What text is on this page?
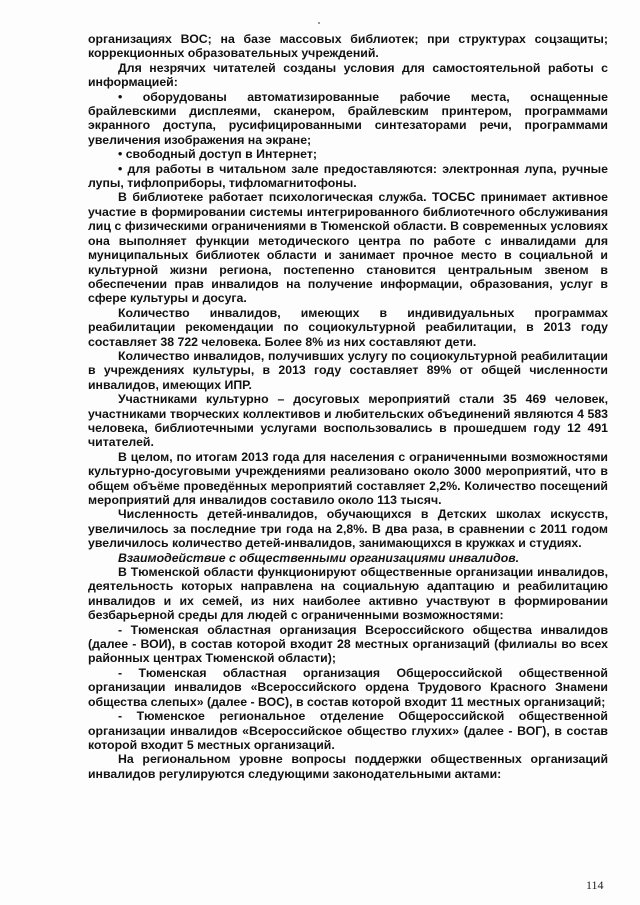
организациях ВОС; на базе массовых библиотек; при структурах соцзащиты; коррекционных образовательных учреждений.

Для незрячих читателей созданы условия для самостоятельной работы с информацией:

• оборудованы автоматизированные рабочие места, оснащенные брайлевскими дисплеями, сканером, брайлевским принтером, программами экранного доступа, русифицированными синтезаторами речи, программами увеличения изображения на экране;

• свободный доступ в Интернет;

• для работы в читальном зале предоставляются: электронная лупа, ручные лупы, тифлоприборы, тифломагнитофоны.

В библиотеке работает психологическая служба. ТОСБС принимает активное участие в формировании системы интегрированного библиотечного обслуживания лиц с физическими ограничениями в Тюменской области. В современных условиях она выполняет функции методического центра по работе с инвалидами для муниципальных библиотек области и занимает прочное место в социальной и культурной жизни региона, постепенно становится центральным звеном в обеспечении прав инвалидов на получение информации, образования, услуг в сфере культуры и досуга.

Количество инвалидов, имеющих в индивидуальных программах реабилитации рекомендации по социокультурной реабилитации, в 2013 году составляет 38 722 человека. Более 8% из них составляют дети.

Количество инвалидов, получивших услугу по социокультурной реабилитации в учреждениях культуры, в 2013 году составляет 89% от общей численности инвалидов, имеющих ИПР.

Участниками культурно – досуговых мероприятий стали 35 469 человек, участниками творческих коллективов и любительских объединений являются 4 583 человека, библиотечными услугами воспользовались в прошедшем году 12 491 читателей.

В целом, по итогам 2013 года для населения с ограниченными возможностями культурно-досуговыми учреждениями реализовано около 3000 мероприятий, что в общем объёме проведённых мероприятий составляет 2,2%. Количество посещений мероприятий для инвалидов составило около 113 тысяч.

Численность детей-инвалидов, обучающихся в Детских школах искусств, увеличилось за последние три года на 2,8%. В два раза, в сравнении с 2011 годом увеличилось количество детей-инвалидов, занимающихся в кружках и студиях.

Взаимодействие с общественными организациями инвалидов.

В Тюменской области функционируют общественные организации инвалидов, деятельность которых направлена на социальную адаптацию и реабилитацию инвалидов и их семей, из них наиболее активно участвуют в формировании безбарьерной среды для людей с ограниченными возможностями:

- Тюменская областная организация Всероссийского общества инвалидов (далее - ВОИ), в состав которой входит 28 местных организаций (филиалы во всех районных центрах Тюменской области);

- Тюменская областная организация Общероссийской общественной организации инвалидов «Всероссийского ордена Трудового Красного Знамени общества слепых» (далее - ВОС), в состав которой входит 11 местных организаций;

- Тюменское региональное отделение Общероссийской общественной организации инвалидов «Всероссийское общество глухих» (далее - ВОГ), в состав которой входит 5 местных организаций.

На региональном уровне вопросы поддержки общественных организаций инвалидов регулируются следующими законодательными актами:

114
